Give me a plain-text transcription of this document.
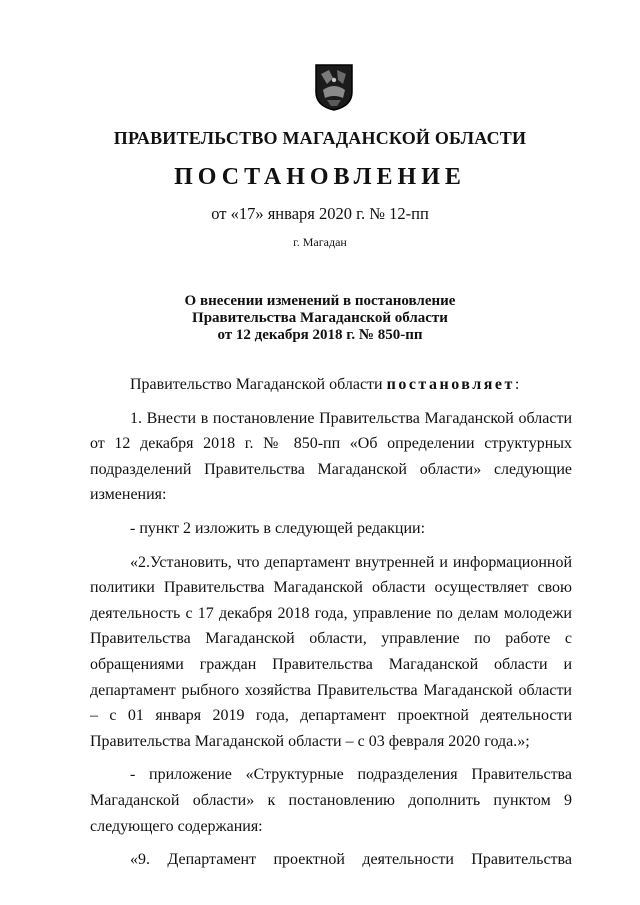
ПРАВИТЕЛЬСТВО МАГАДАНСКОЙ ОБЛАСТИ
ПОСТАНОВЛЕНИЕ
от «17» января 2020 г. № 12-пп
г. Магадан
О внесении изменений в постановление
Правительства Магаданской области
от 12 декабря 2018 г. № 850-пп

Правительство Магаданской области постановляет:

1. Внести в постановление Правительства Магаданской области от 12 декабря 2018 г. № 850-пп «Об определении структурных подразделений Правительства Магаданской области» следующие изменения:

- пункт 2 изложить в следующей редакции:

«2.Установить, что департамент внутренней и информационной политики Правительства Магаданской области осуществляет свою деятельность с 17 декабря 2018 года, управление по делам молодежи Правительства Магаданской области, управление по работе с обращениями граждан Правительства Магаданской области и департамент рыбного хозяйства Правительства Магаданской области – с 01 января 2019 года, департамент проектной деятельности Правительства Магаданской области – с 03 февраля 2020 года.»;

- приложение «Структурные подразделения Правительства Магаданской области» к постановлению дополнить пунктом 9 следующего содержания:

«9. Департамент проектной деятельности Правительства
